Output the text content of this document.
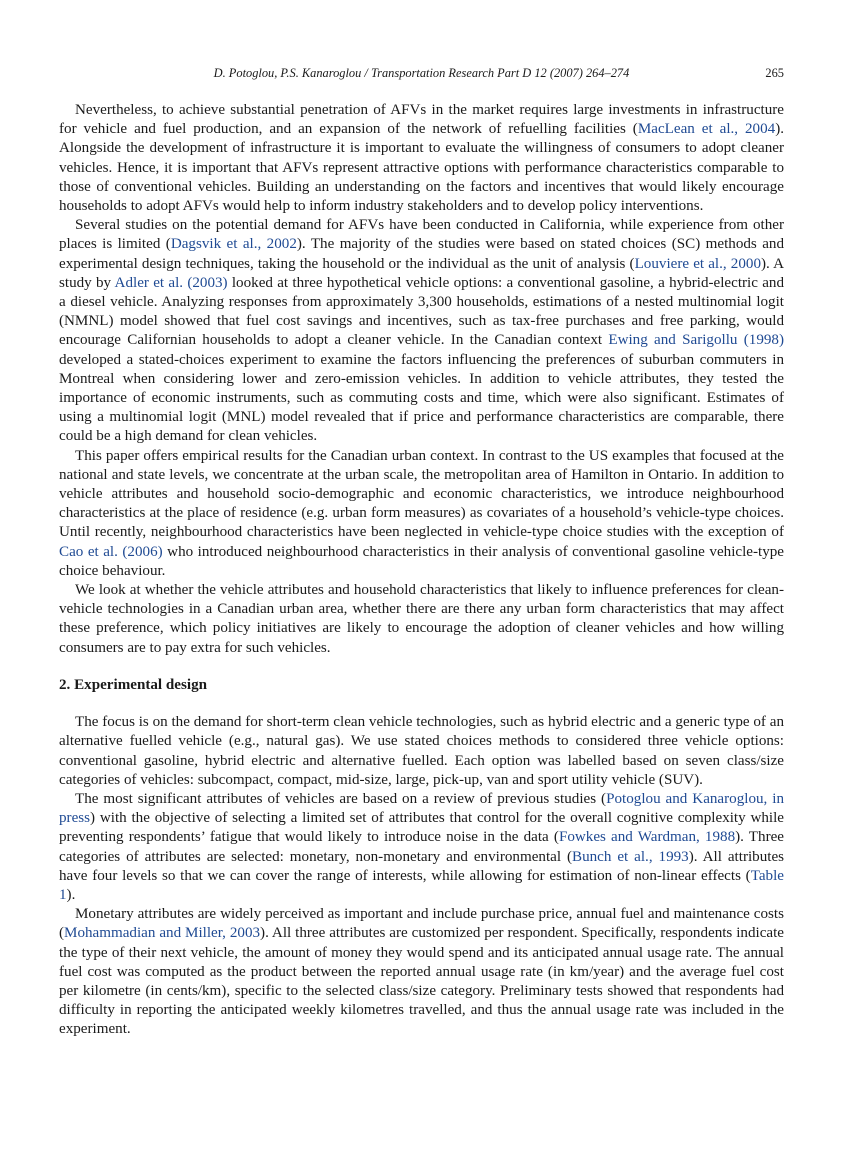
D. Potoglou, P.S. Kanaroglou / Transportation Research Part D 12 (2007) 264–274	265

Nevertheless, to achieve substantial penetration of AFVs in the market requires large investments in infrastructure for vehicle and fuel production, and an expansion of the network of refuelling facilities (MacLean et al., 2004). Alongside the development of infrastructure it is important to evaluate the willingness of consumers to adopt cleaner vehicles. Hence, it is important that AFVs represent attractive options with performance characteristics comparable to those of conventional vehicles. Building an understanding on the factors and incentives that would likely encourage households to adopt AFVs would help to inform industry stakeholders and to develop policy interventions.

Several studies on the potential demand for AFVs have been conducted in California, while experience from other places is limited (Dagsvik et al., 2002). The majority of the studies were based on stated choices (SC) methods and experimental design techniques, taking the household or the individual as the unit of analysis (Louviere et al., 2000). A study by Adler et al. (2003) looked at three hypothetical vehicle options: a conventional gasoline, a hybrid-electric and a diesel vehicle. Analyzing responses from approximately 3,300 households, estimations of a nested multinomial logit (NMNL) model showed that fuel cost savings and incentives, such as tax-free purchases and free parking, would encourage Californian households to adopt a cleaner vehicle. In the Canadian context Ewing and Sarigollu (1998) developed a stated-choices experiment to examine the factors influencing the preferences of suburban commuters in Montreal when considering lower and zero-emission vehicles. In addition to vehicle attributes, they tested the importance of economic instruments, such as commuting costs and time, which were also significant. Estimates of using a multinomial logit (MNL) model revealed that if price and performance characteristics are comparable, there could be a high demand for clean vehicles.

This paper offers empirical results for the Canadian urban context. In contrast to the US examples that focused at the national and state levels, we concentrate at the urban scale, the metropolitan area of Hamilton in Ontario. In addition to vehicle attributes and household socio-demographic and economic characteristics, we introduce neighbourhood characteristics at the place of residence (e.g. urban form measures) as covariates of a household’s vehicle-type choices. Until recently, neighbourhood characteristics have been neglected in vehicle-type choice studies with the exception of Cao et al. (2006) who introduced neighbourhood characteristics in their analysis of conventional gasoline vehicle-type choice behaviour.

We look at whether the vehicle attributes and household characteristics that likely to influence preferences for clean-vehicle technologies in a Canadian urban area, whether there are there any urban form characteristics that may affect these preference, which policy initiatives are likely to encourage the adoption of cleaner vehicles and how willing consumers are to pay extra for such vehicles.

2. Experimental design

The focus is on the demand for short-term clean vehicle technologies, such as hybrid electric and a generic type of an alternative fuelled vehicle (e.g., natural gas). We use stated choices methods to considered three vehicle options: conventional gasoline, hybrid electric and alternative fuelled. Each option was labelled based on seven class/size categories of vehicles: subcompact, compact, mid-size, large, pick-up, van and sport utility vehicle (SUV).

The most significant attributes of vehicles are based on a review of previous studies (Potoglou and Kanaroglou, in press) with the objective of selecting a limited set of attributes that control for the overall cognitive complexity while preventing respondents’ fatigue that would likely to introduce noise in the data (Fowkes and Wardman, 1988). Three categories of attributes are selected: monetary, non-monetary and environmental (Bunch et al., 1993). All attributes have four levels so that we can cover the range of interests, while allowing for estimation of non-linear effects (Table 1).

Monetary attributes are widely perceived as important and include purchase price, annual fuel and maintenance costs (Mohammadian and Miller, 2003). All three attributes are customized per respondent. Specifically, respondents indicate the type of their next vehicle, the amount of money they would spend and its anticipated annual usage rate. The annual fuel cost was computed as the product between the reported annual usage rate (in km/year) and the average fuel cost per kilometre (in cents/km), specific to the selected class/size category. Preliminary tests showed that respondents had difficulty in reporting the anticipated weekly kilometres travelled, and thus the annual usage rate was included in the experiment.
